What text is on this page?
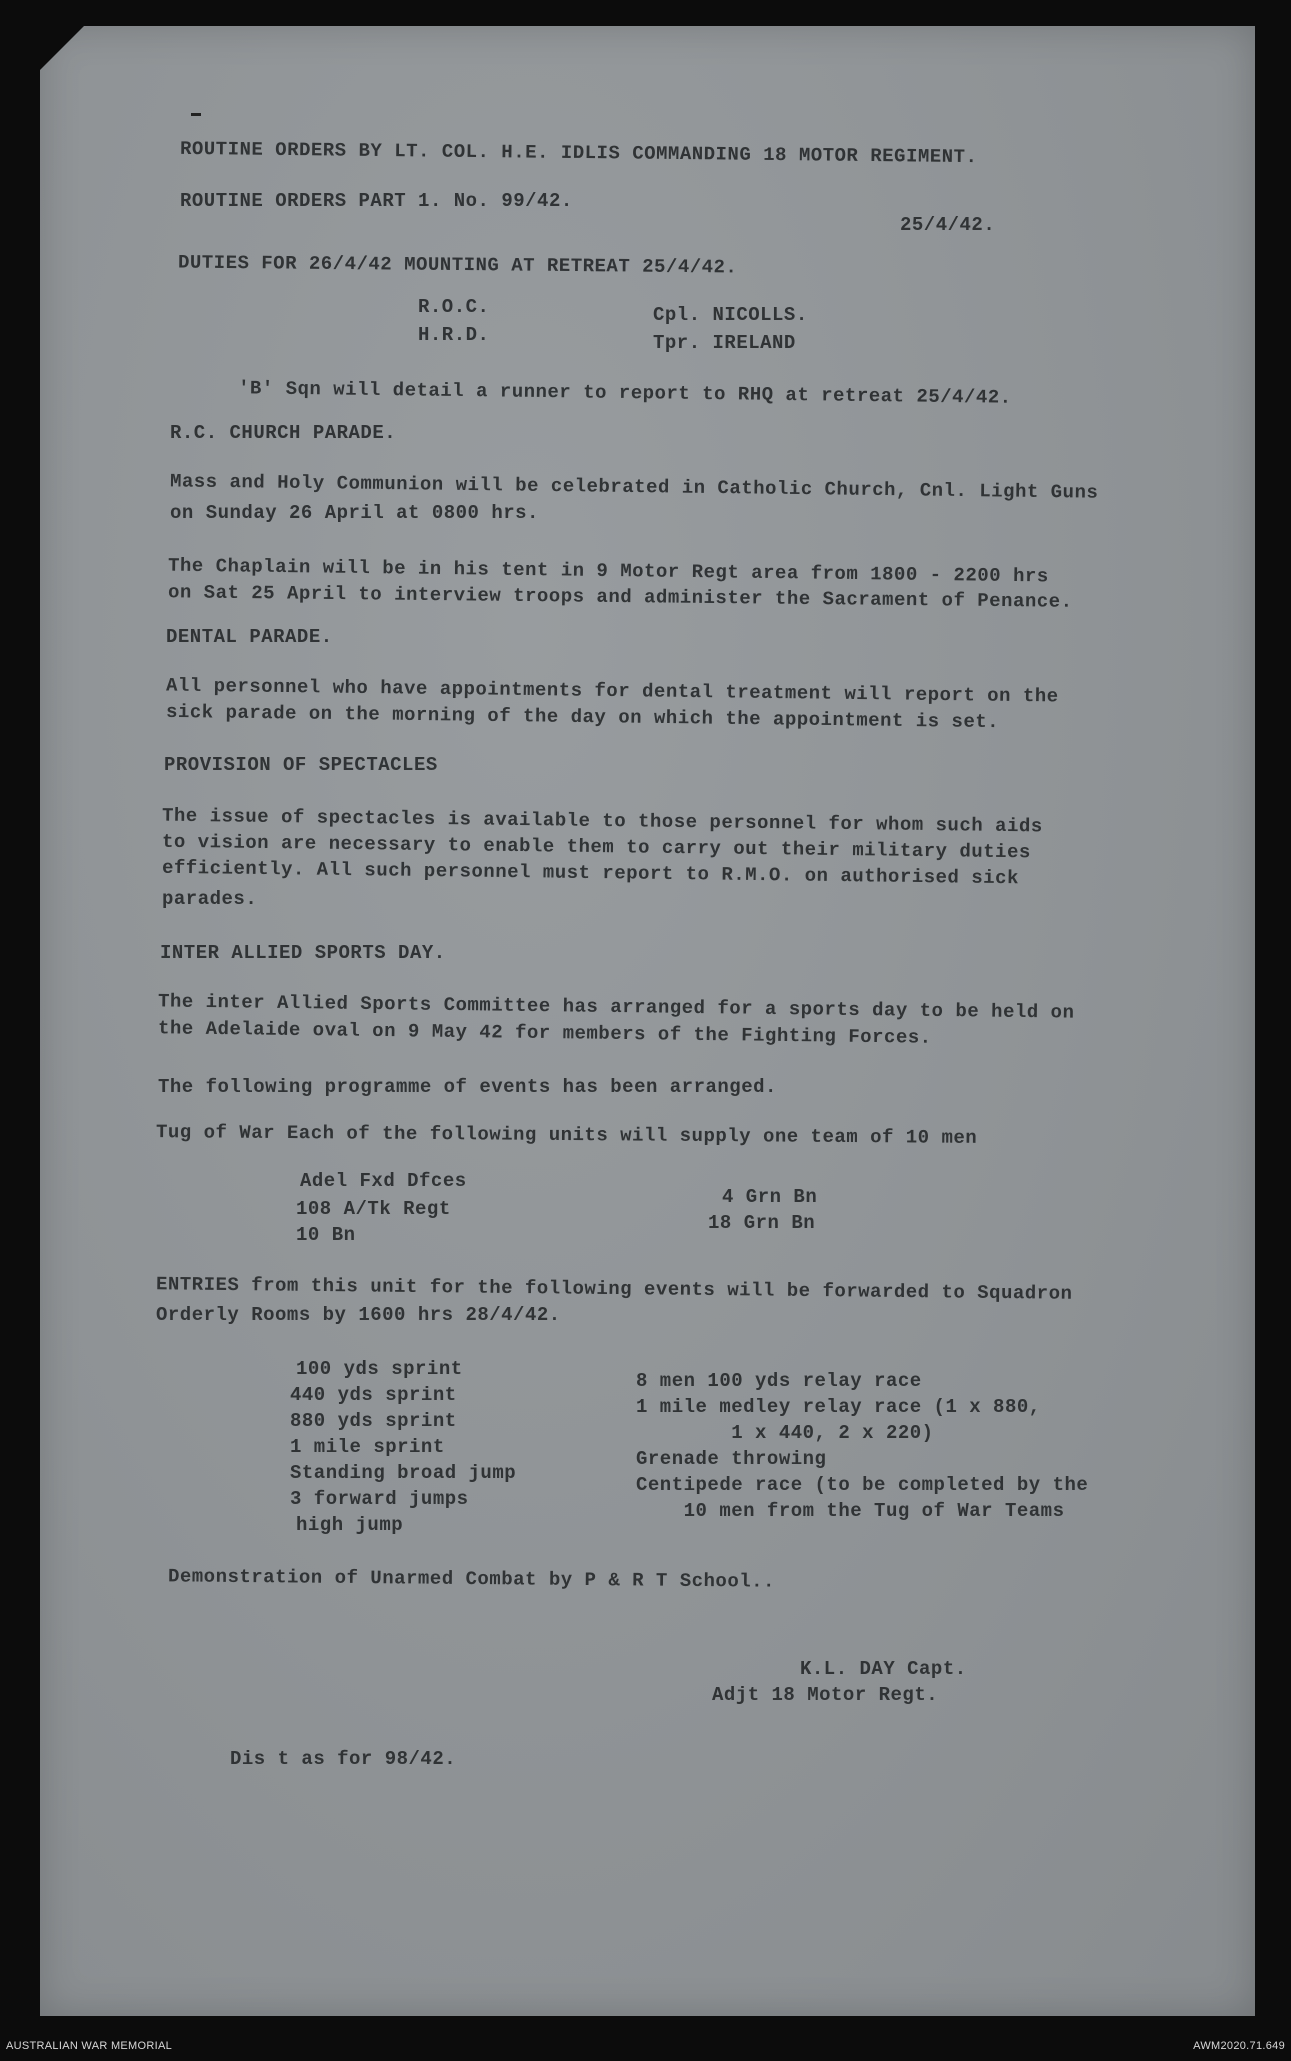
ROUTINE ORDERS BY LT. COL. H.E. IDLIS COMMANDING 18 MOTOR REGIMENT.
ROUTINE ORDERS PART 1. No. 99/42.
25/4/42.
DUTIES FOR 26/4/42 MOUNTING AT RETREAT 25/4/42.
R.O.C.
H.R.D.
Cpl. NICOLLS.
Tpr. IRELAND
'B' Sqn will detail a runner to report to RHQ at retreat 25/4/42.
R.C. CHURCH PARADE.
Mass and Holy Communion will be celebrated in Catholic Church, Cnl. Light Guns
on Sunday 26 April at 0800 hrs.
The Chaplain will be in his tent in 9 Motor Regt area from 1800 - 2200 hrs
on Sat 25 April to interview troops and administer the Sacrament of Penance.
DENTAL PARADE.
All personnel who have appointments for dental treatment will report on the
sick parade on the morning of the day on which the appointment is set.
PROVISION OF SPECTACLES
The issue of spectacles is available to those personnel for whom such aids
to vision are necessary to enable them to carry out their military duties
efficiently. All such personnel must report to R.M.O. on authorised sick
parades.
INTER ALLIED SPORTS DAY.
The inter Allied Sports Committee has arranged for a sports day to be held on
the Adelaide oval on 9 May 42 for members of the Fighting Forces.
The following programme of events has been arranged.
Tug of War Each of the following units will supply one team of 10 men
Adel Fxd Dfces
108 A/Tk Regt
10 Bn
4 Grn Bn
18 Grn Bn
ENTRIES from this unit for the following events will be forwarded to Squadron
Orderly Rooms by 1600 hrs 28/4/42.
100 yds sprint
440 yds sprint
880 yds sprint
1 mile sprint
Standing broad jump
3 forward jumps
high jump
8 men 100 yds relay race
1 mile medley relay race (1 x 880,
1 x 440, 2 x 220)
Grenade throwing
Centipede race (to be completed by the
10 men from the Tug of War Teams
Demonstration of Unarmed Combat by P & R T School..
K.L. DAY Capt.
Adjt 18 Motor Regt.
Dis t as for 98/42.
AUSTRALIAN WAR MEMORIAL	AWM2020.71.649
